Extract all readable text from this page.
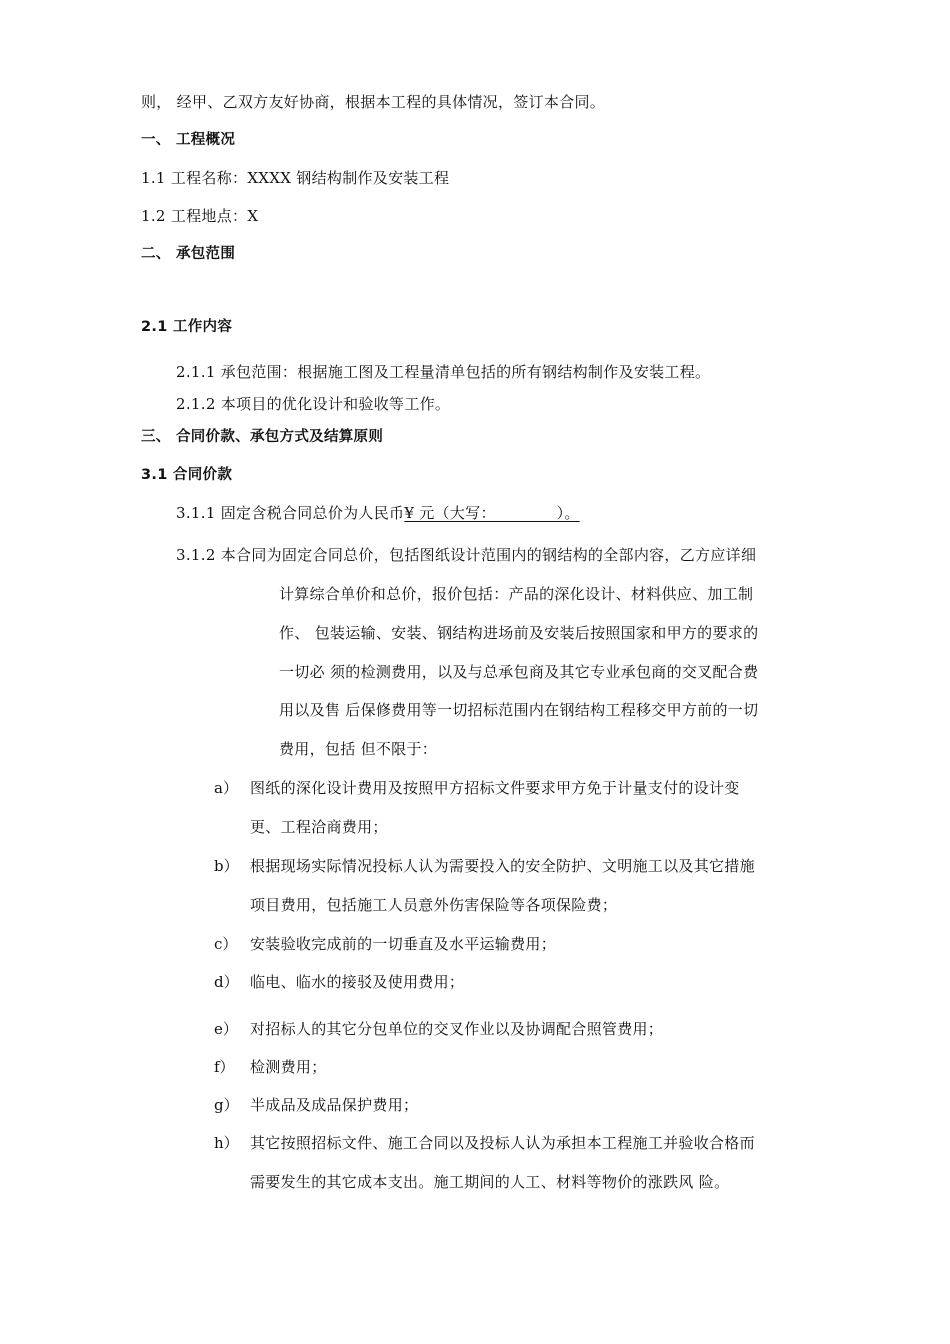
则， 经甲、乙双方友好协商，根据本工程的具体情况，签订本合同。
一、 工程概况
1.1 工程名称：XXXX 钢结构制作及安装工程
1.2 工程地点：X
二、 承包范围
2.1 工作内容
2.1.1 承包范围：根据施工图及工程量清单包括的所有钢结构制作及安装工程。
2.1.2 本项目的优化设计和验收等工作。
三、 合同价款、承包方式及结算原则
3.1 合同价款
3.1.1 固定含税合同总价为人民币¥ 元（大写：            ）。
3.1.2 本合同为固定合同总价，包括图纸设计范围内的钢结构的全部内容，乙方应详细
计算综合单价和总价，报价包括：产品的深化设计、材料供应、加工制
作、 包装运输、安装、钢结构进场前及安装后按照国家和甲方的要求的
一切必 须的检测费用，以及与总承包商及其它专业承包商的交叉配合费
用以及售 后保修费用等一切招标范围内在钢结构工程移交甲方前的一切
费用，包括 但不限于：
a） 图纸的深化设计费用及按照甲方招标文件要求甲方免于计量支付的设计变
更、工程洽商费用；
b） 根据现场实际情况投标人认为需要投入的安全防护、文明施工以及其它措施
项目费用，包括施工人员意外伤害保险等各项保险费；
c） 安装验收完成前的一切垂直及水平运输费用；
d） 临电、临水的接驳及使用费用；
e） 对招标人的其它分包单位的交叉作业以及协调配合照管费用；
f） 检测费用；
g） 半成品及成品保护费用；
h） 其它按照招标文件、施工合同以及投标人认为承担本工程施工并验收合格而
需要发生的其它成本支出。施工期间的人工、材料等物价的涨跌风 险。
